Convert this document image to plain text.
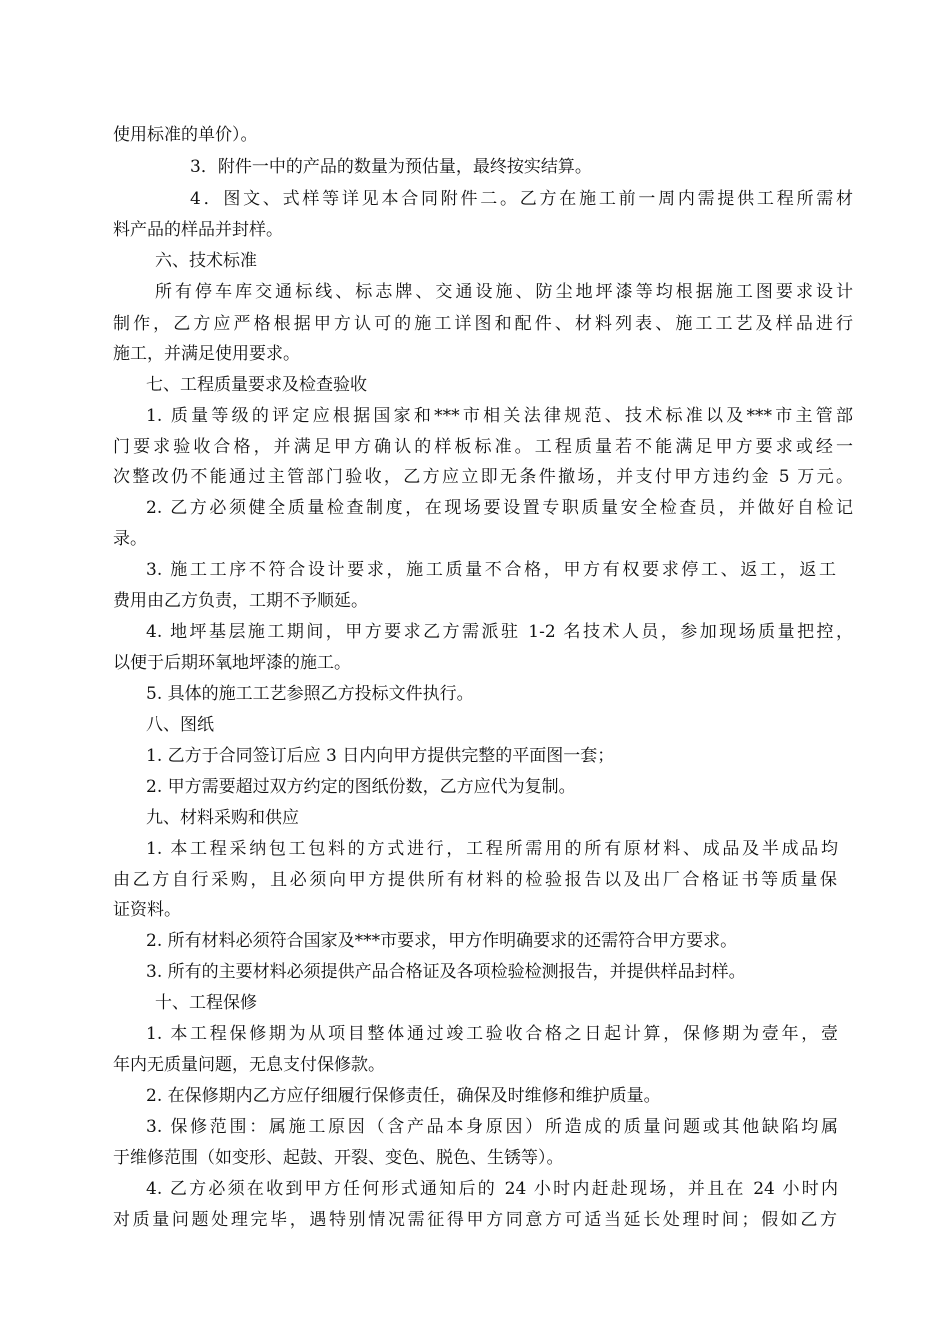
使用标准的单价）。
3．附件一中的产品的数量为预估量，最终按实结算。
4．图文、式样等详见本合同附件二。乙方在施工前一周内需提供工程所需材
料产品的样品并封样。
六、技术标准
所有停车库交通标线、标志牌、交通设施、防尘地坪漆等均根据施工图要求设计
制作，乙方应严格根据甲方认可的施工详图和配件、材料列表、施工工艺及样品进行
施工，并满足使用要求。
七、工程质量要求及检查验收
1. 质量等级的评定应根据国家和***市相关法律规范、技术标准以及***市主管部
门要求验收合格，并满足甲方确认的样板标准。工程质量若不能满足甲方要求或经一
次整改仍不能通过主管部门验收，乙方应立即无条件撤场，并支付甲方违约金 5 万元。
2. 乙方必须健全质量检查制度，在现场要设置专职质量安全检查员，并做好自检记
录。
3. 施工工序不符合设计要求，施工质量不合格，甲方有权要求停工、返工，返工
费用由乙方负责，工期不予顺延。
4. 地坪基层施工期间，甲方要求乙方需派驻 1-2 名技术人员，参加现场质量把控，
以便于后期环氧地坪漆的施工。
5. 具体的施工工艺参照乙方投标文件执行。
八、图纸
1. 乙方于合同签订后应 3 日内向甲方提供完整的平面图一套；
2. 甲方需要超过双方约定的图纸份数，乙方应代为复制。
九、材料采购和供应
1. 本工程采纳包工包料的方式进行，工程所需用的所有原材料、成品及半成品均
由乙方自行采购，且必须向甲方提供所有材料的检验报告以及出厂合格证书等质量保
证资料。
2. 所有材料必须符合国家及***市要求，甲方作明确要求的还需符合甲方要求。
3. 所有的主要材料必须提供产品合格证及各项检验检测报告，并提供样品封样。
十、工程保修
1. 本工程保修期为从项目整体通过竣工验收合格之日起计算，保修期为壹年，壹
年内无质量问题，无息支付保修款。
2. 在保修期内乙方应仔细履行保修责任，确保及时维修和维护质量。
3. 保修范围：属施工原因（含产品本身原因）所造成的质量问题或其他缺陷均属
于维修范围（如变形、起鼓、开裂、变色、脱色、生锈等）。
4. 乙方必须在收到甲方任何形式通知后的 24 小时内赶赴现场，并且在 24 小时内
对质量问题处理完毕，遇特别情况需征得甲方同意方可适当延长处理时间；假如乙方
